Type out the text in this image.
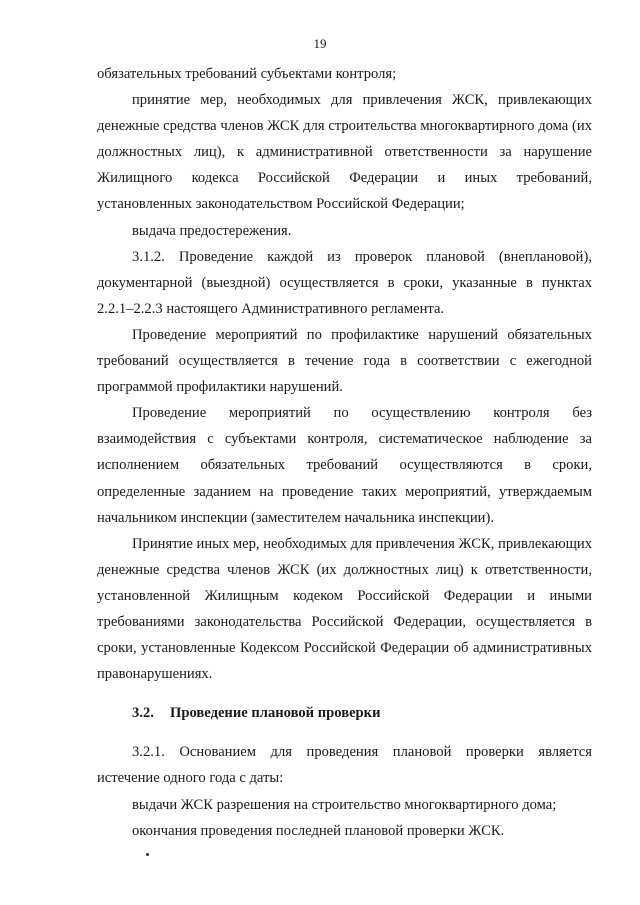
19

обязательных требований субъектами контроля;

принятие мер, необходимых для привлечения ЖСК, привлекающих денежные средства членов ЖСК для строительства многоквартирного дома (их должностных лиц), к административной ответственности за нарушение Жилищного кодекса Российской Федерации и иных требований, установленных законодательством Российской Федерации;

выдача предостережения.

3.1.2. Проведение каждой из проверок плановой (внеплановой), документарной (выездной) осуществляется в сроки, указанные в пунктах 2.2.1–2.2.3 настоящего Административного регламента.

Проведение мероприятий по профилактике нарушений обязательных требований осуществляется в течение года в соответствии с ежегодной программой профилактики нарушений.

Проведение мероприятий по осуществлению контроля без взаимодействия с субъектами контроля, систематическое наблюдение за исполнением обязательных требований осуществляются в сроки, определенные заданием на проведение таких мероприятий, утверждаемым начальником инспекции (заместителем начальника инспекции).

Принятие иных мер, необходимых для привлечения ЖСК, привлекающих денежные средства членов ЖСК (их должностных лиц) к ответственности, установленной Жилищным кодеком Российской Федерации и иными требованиями законодательства Российской Федерации, осуществляется в сроки, установленные Кодексом Российской Федерации об административных правонарушениях.

3.2. Проведение плановой проверки

3.2.1. Основанием для проведения плановой проверки является истечение одного года с даты:

выдачи ЖСК разрешения на строительство многоквартирного дома;

окончания проведения последней плановой проверки ЖСК.
